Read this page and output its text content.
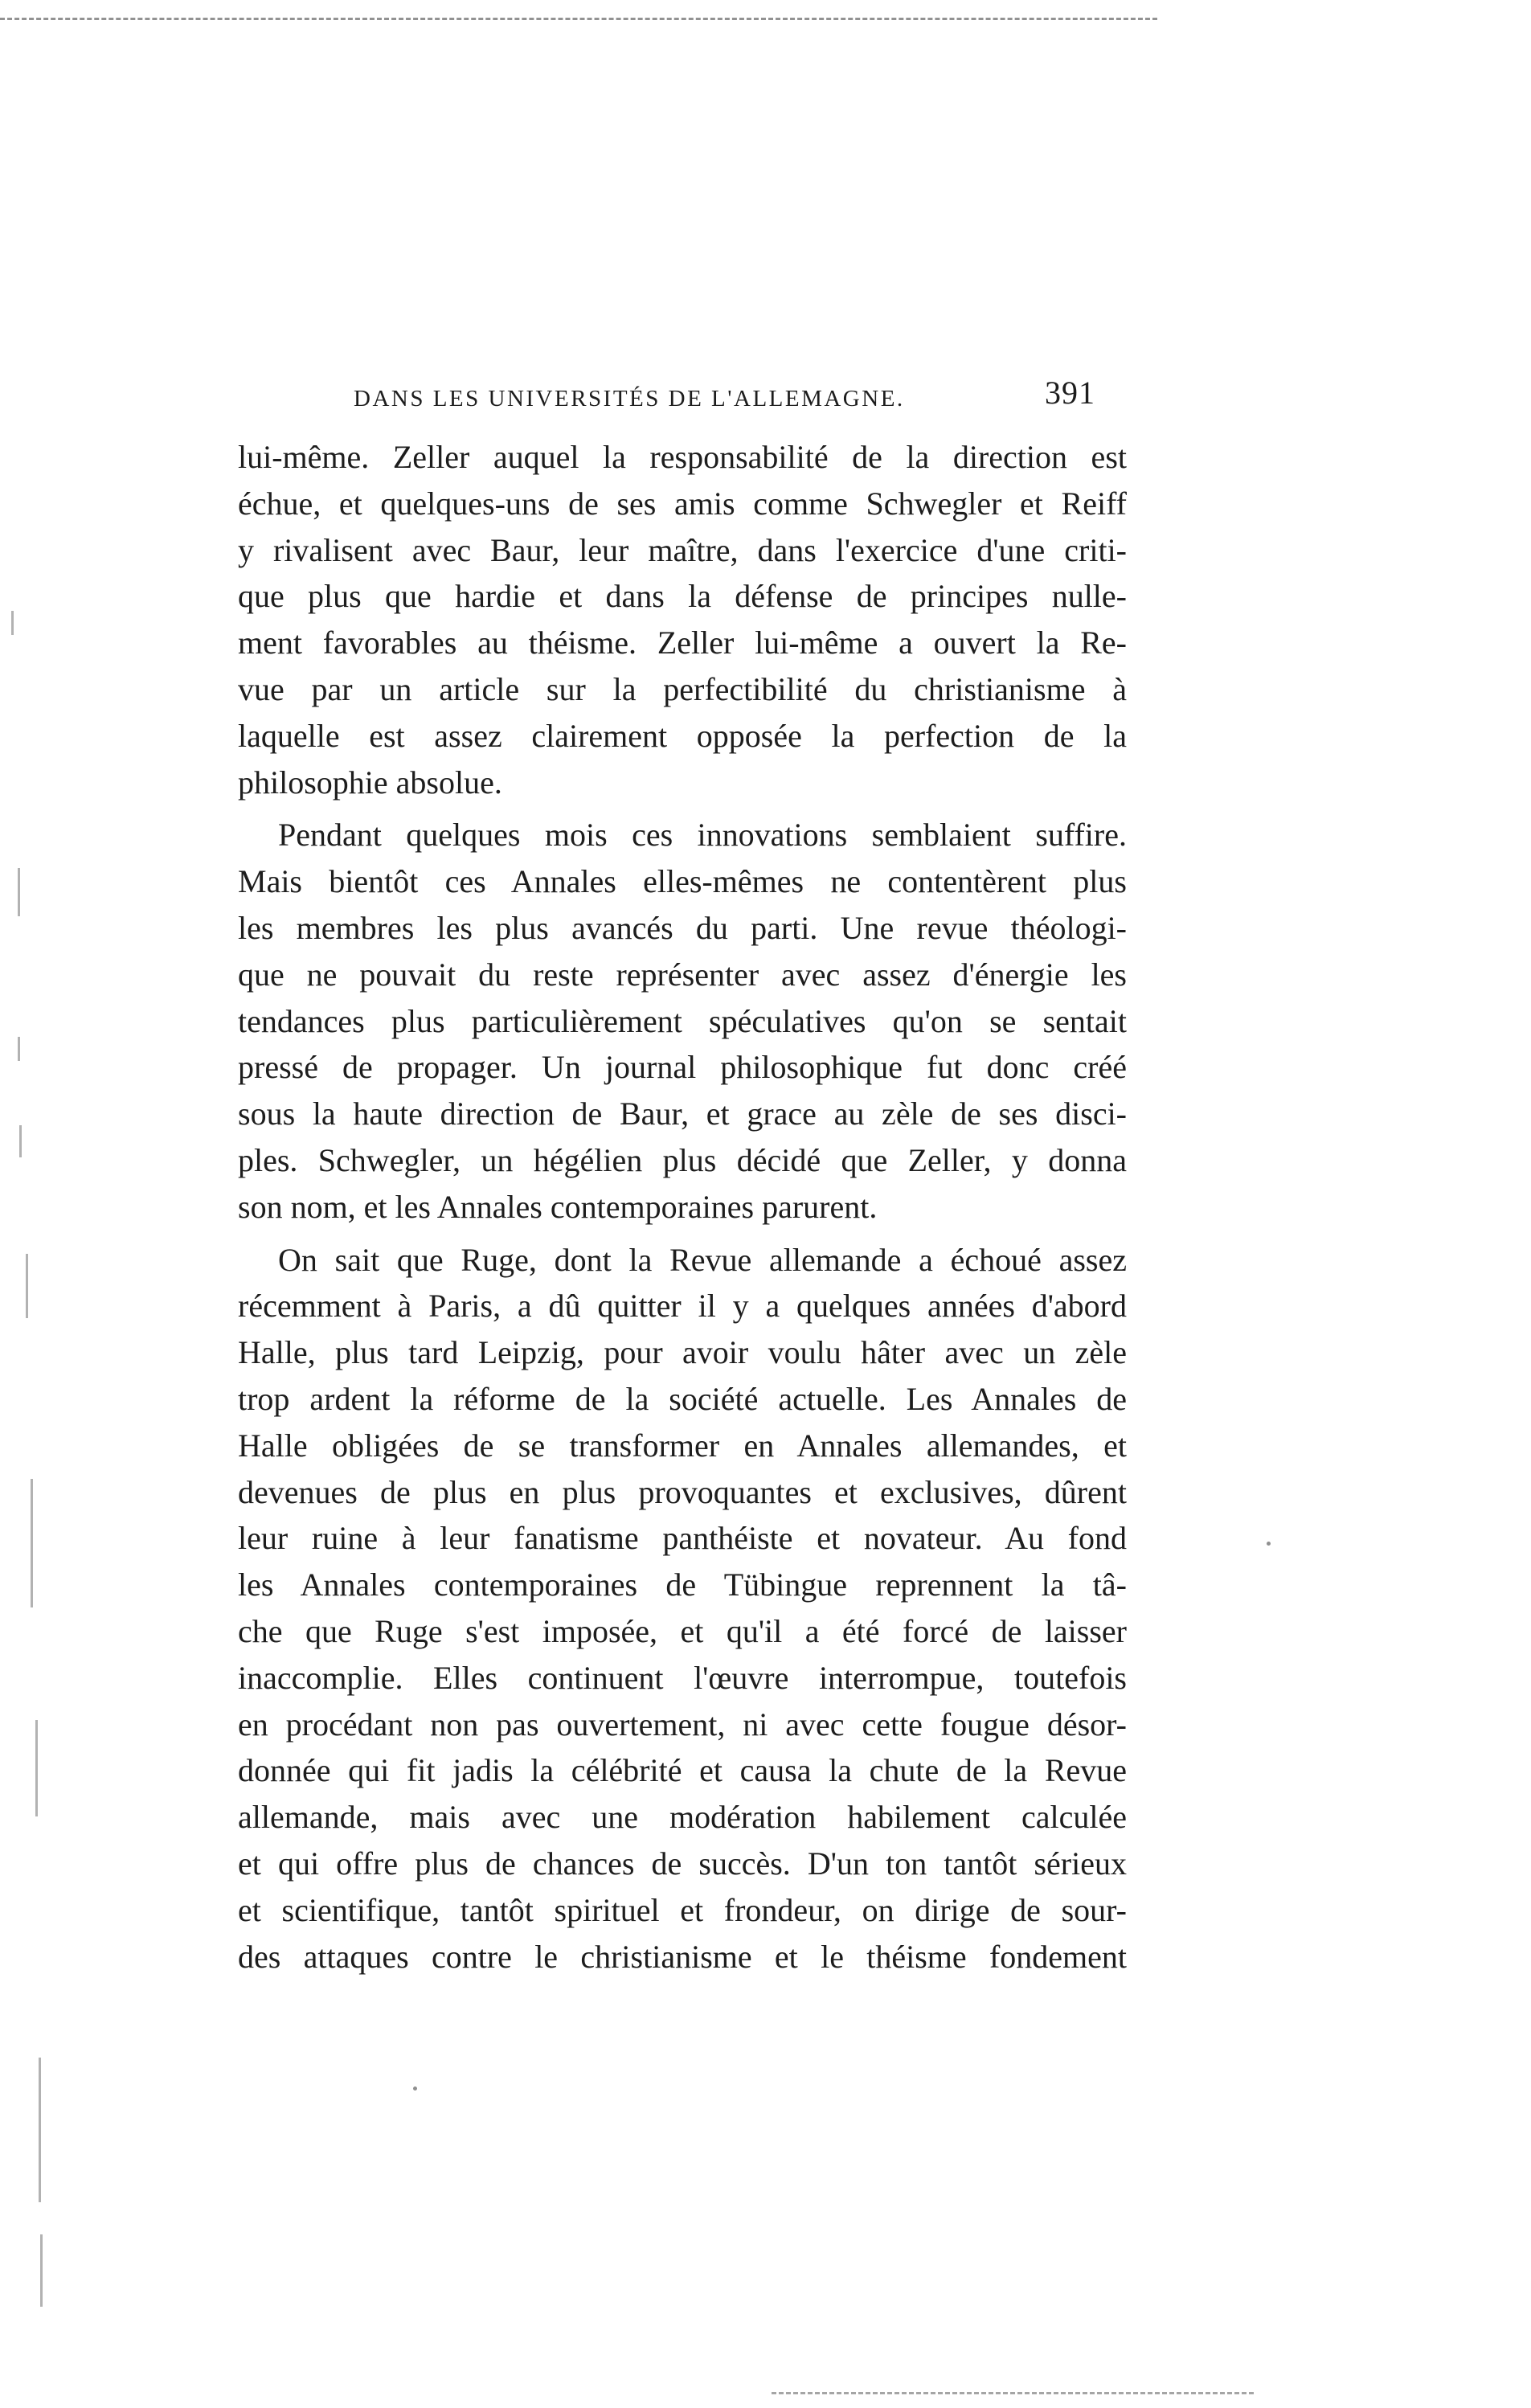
DANS LES UNIVERSITÉS DE L'ALLEMAGNE.	391
lui-même. Zeller auquel la responsabilité de la direction est
échue, et quelques-uns de ses amis comme Schwegler et Reiff
y rivalisent avec Baur, leur maître, dans l'exercice d'une criti-
que plus que hardie et dans la défense de principes nulle-
ment favorables au théisme. Zeller lui-même a ouvert la Re-
vue par un article sur la perfectibilité du christianisme à
laquelle est assez clairement opposée la perfection de la
philosophie absolue.
Pendant quelques mois ces innovations semblaient suffire.
Mais bientôt ces Annales elles-mêmes ne contentèrent plus
les membres les plus avancés du parti. Une revue théologi-
que ne pouvait du reste représenter avec assez d'énergie les
tendances plus particulièrement spéculatives qu'on se sentait
pressé de propager. Un journal philosophique fut donc créé
sous la haute direction de Baur, et grace au zèle de ses disci-
ples. Schwegler, un hégélien plus décidé que Zeller, y donna
son nom, et les Annales contemporaines parurent.
On sait que Ruge, dont la Revue allemande a échoué assez
récemment à Paris, a dû quitter il y a quelques années d'abord
Halle, plus tard Leipzig, pour avoir voulu hâter avec un zèle
trop ardent la réforme de la société actuelle. Les Annales de
Halle obligées de se transformer en Annales allemandes, et
devenues de plus en plus provoquantes et exclusives, dûrent
leur ruine à leur fanatisme panthéiste et novateur. Au fond
les Annales contemporaines de Tübingue reprennent la tâ-
che que Ruge s'est imposée, et qu'il a été forcé de laisser
inaccomplie. Elles continuent l'œuvre interrompue, toutefois
en procédant non pas ouvertement, ni avec cette fougue désor-
donnée qui fit jadis la célébrité et causa la chute de la Revue
allemande, mais avec une modération habilement calculée
et qui offre plus de chances de succès. D'un ton tantôt sérieux
et scientifique, tantôt spirituel et frondeur, on dirige de sour-
des attaques contre le christianisme et le théisme fondement
